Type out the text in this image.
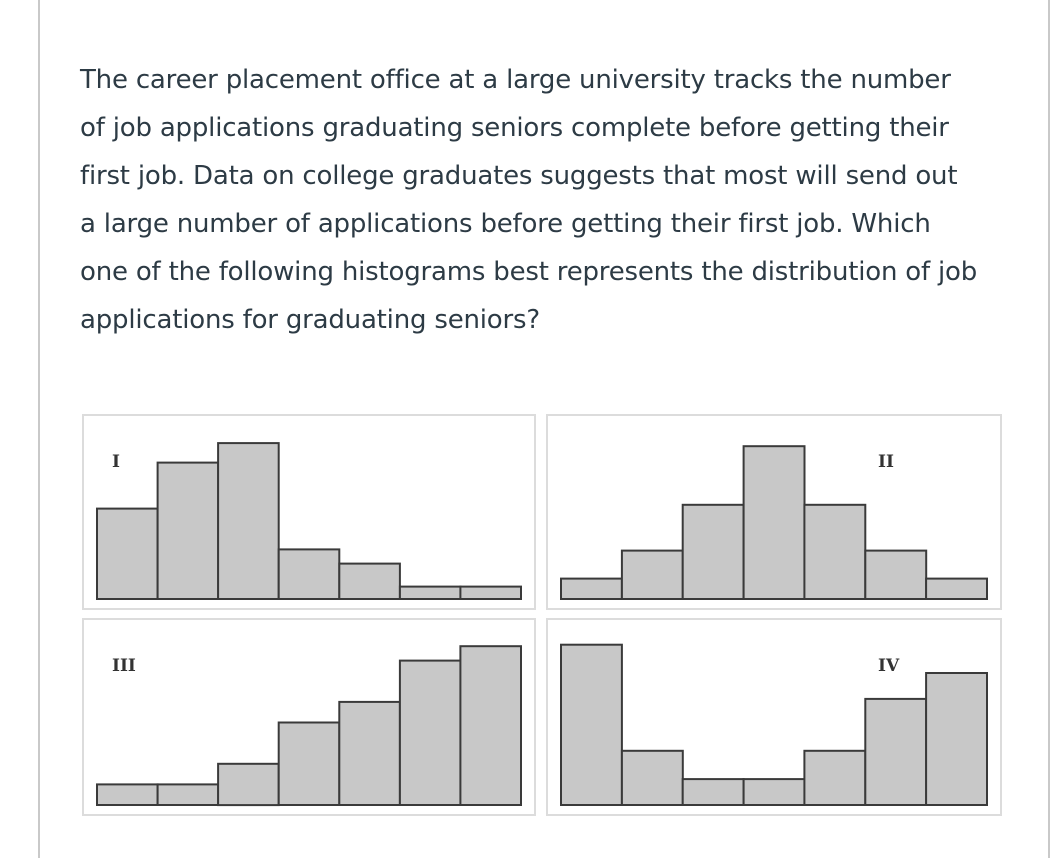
The career placement office at a large university tracks the number of job applications graduating seniors complete before getting their first job. Data on college graduates suggests that most will send out a large number of applications before getting their first job. Which one of the following histograms best represents the distribution of job applications for graduating seniors?

I	II
III	IV
